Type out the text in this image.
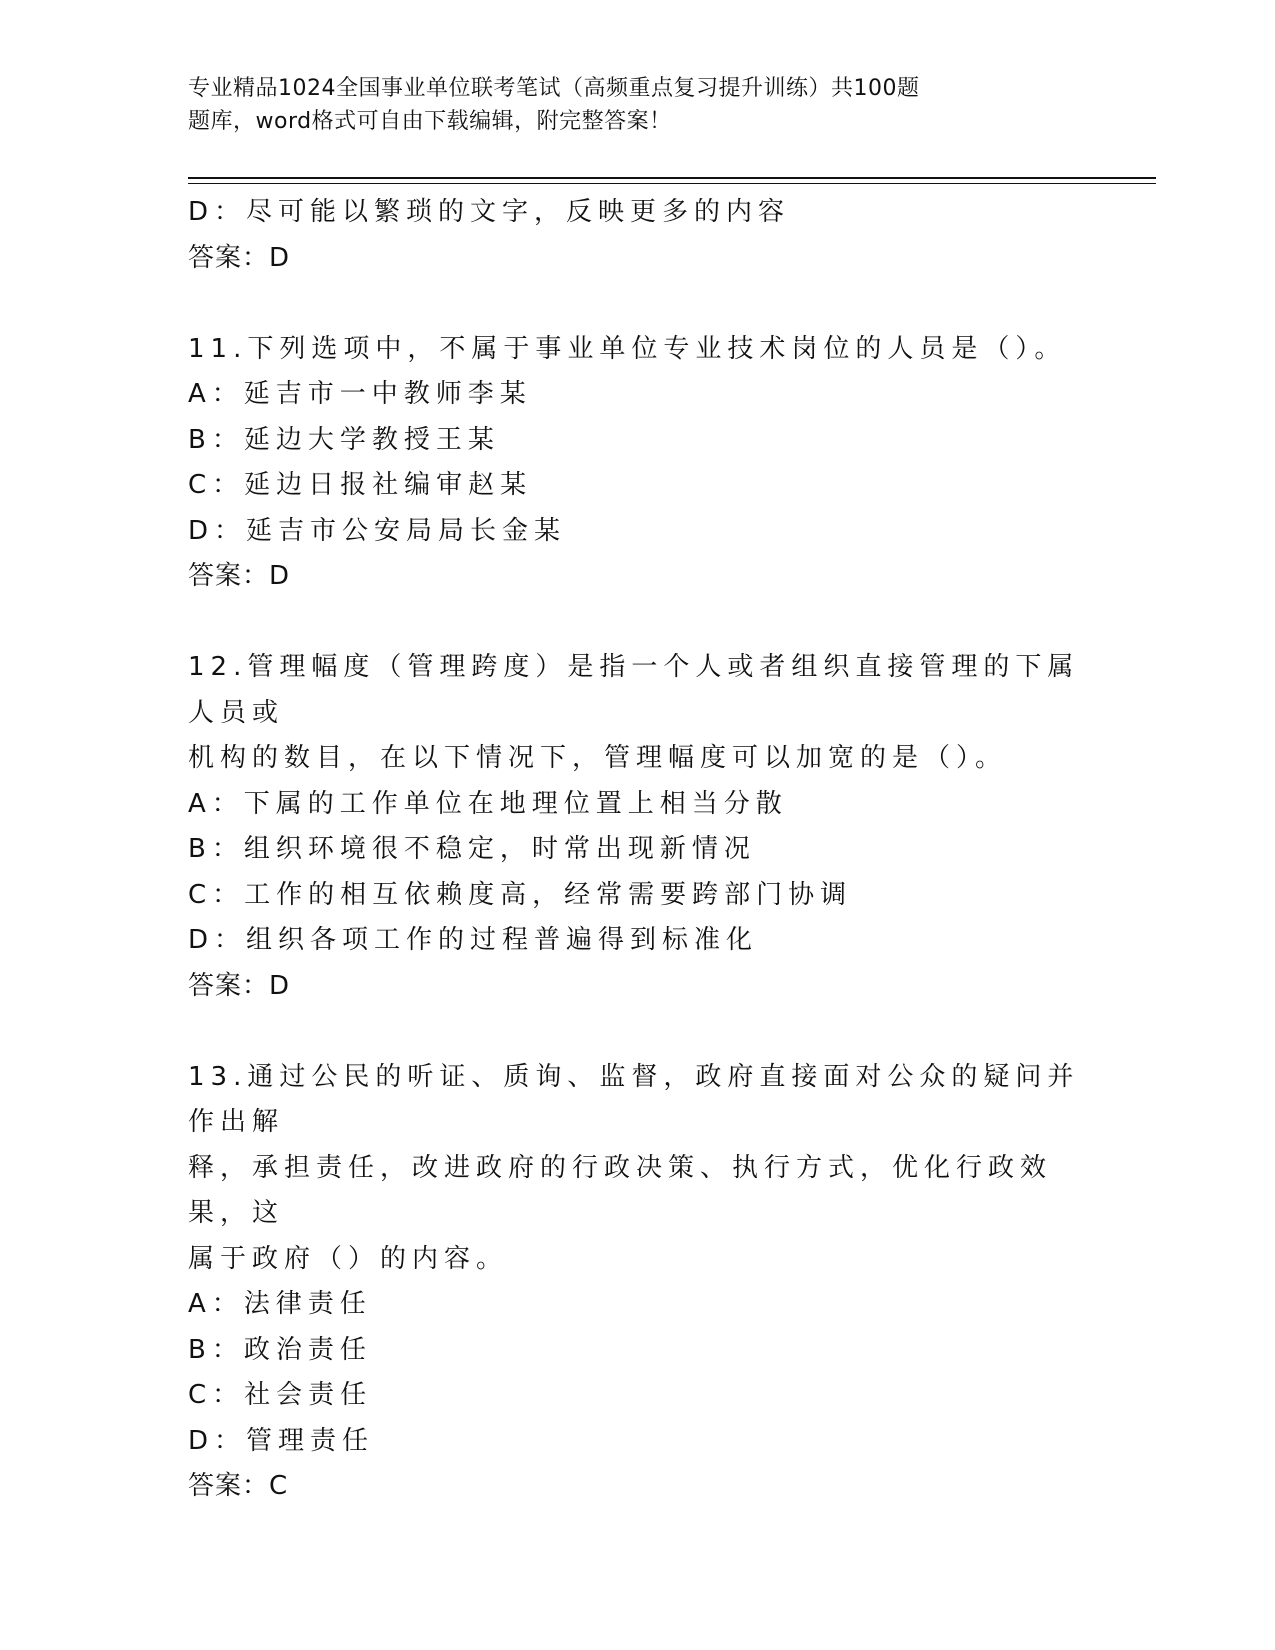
专业精品1024全国事业单位联考笔试（高频重点复习提升训练）共100题
题库，word格式可自由下载编辑，附完整答案！

D：尽可能以繁琐的文字，反映更多的内容

答案：D

11.下列选项中，不属于事业单位专业技术岗位的人员是（）。

A：延吉市一中教师李某

B：延边大学教授王某

C：延边日报社编审赵某

D：延吉市公安局局长金某

答案：D

12.管理幅度（管理跨度）是指一个人或者组织直接管理的下属人员或

机构的数目，在以下情况下，管理幅度可以加宽的是（）。

A：下属的工作单位在地理位置上相当分散

B：组织环境很不稳定，时常出现新情况

C：工作的相互依赖度高，经常需要跨部门协调

D：组织各项工作的过程普遍得到标准化

答案：D

13.通过公民的听证、质询、监督，政府直接面对公众的疑问并作出解

释，承担责任，改进政府的行政决策、执行方式，优化行政效果，这

属于政府（）的内容。

A：法律责任

B：政治责任

C：社会责任

D：管理责任

答案：C
